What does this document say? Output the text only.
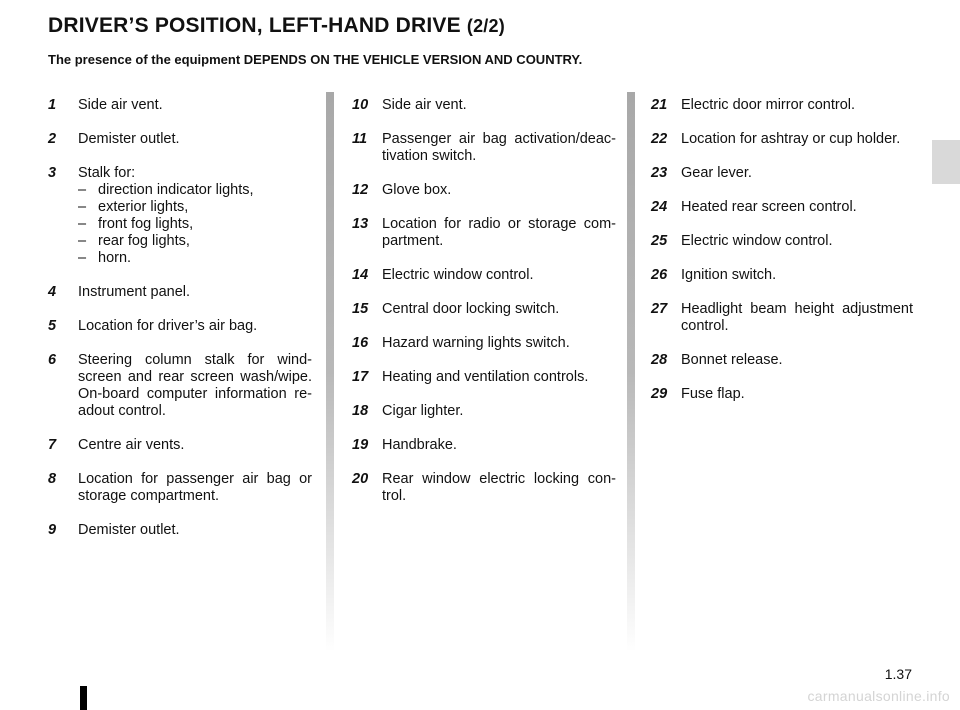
DRIVER’S POSITION, LEFT-HAND DRIVE (2/2)

The presence of the equipment DEPENDS ON THE VEHICLE VERSION AND COUNTRY.

1	Side air vent.
2	Demister outlet.
3	Stalk for:
– direction indicator lights,
– exterior lights,
– front fog lights,
– rear fog lights,
– horn.
4	Instrument panel.
5	Location for driver’s air bag.
6	Steering column stalk for wind-screen and rear screen wash/wipe. On-board computer information re-adout control.
7	Centre air vents.
8	Location for passenger air bag or storage compartment.
9	Demister outlet.
10 Side air vent.
11	Passenger air bag activation/deac-tivation switch.
12 Glove box.
13 Location for radio or storage com-partment.
14 Electric window control.
15 Central door locking switch.
16 Hazard warning lights switch.
17 Heating and ventilation controls.
18 Cigar lighter.
19 Handbrake.
20 Rear window electric locking con-trol.
21 Electric door mirror control.
22 Location for ashtray or cup holder.
23 Gear lever.
24 Heated rear screen control.
25 Electric window control.
26 Ignition switch.
27 Headlight beam height adjustment control.
28 Bonnet release.
29 Fuse flap.
1.37
carmanualsonline.info
